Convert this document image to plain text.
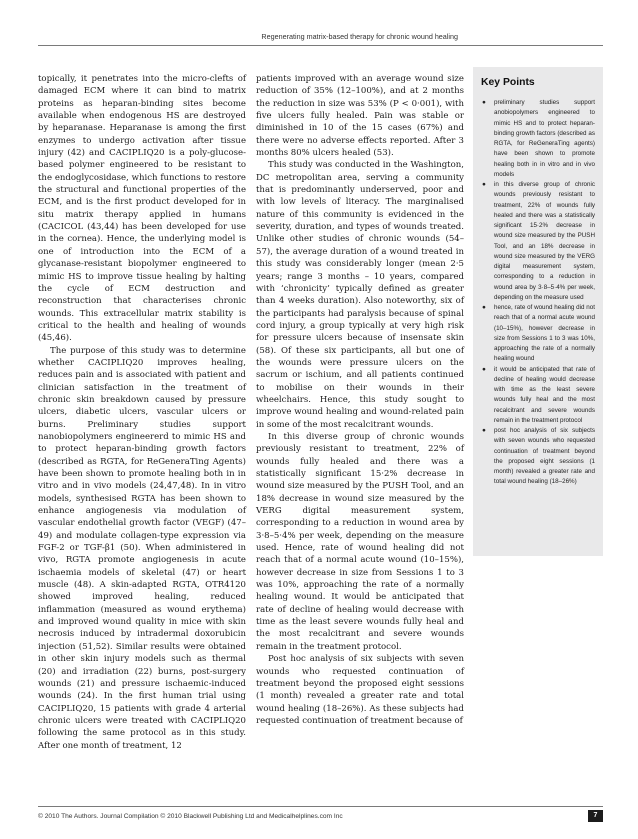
Regenerating matrix-based therapy for chronic wound healing

topically, it penetrates into the micro-clefts of damaged ECM where it can bind to matrix proteins as heparan-binding sites become available when endogenous HS are destroyed by heparanase. Heparanase is among the first enzymes to undergo activation after tissue injury (42) and CACIPLIQ20 is a poly-glucose-based polymer engineered to be resistant to the endoglycosidase, which functions to restore the structural and functional properties of the ECM, and is the first product developed for in situ matrix therapy applied in humans (CACICOL (43,44) has been developed for use in the cornea). Hence, the underlying model is one of introduction into the ECM of a glycanase-resistant biopolymer engineered to mimic HS to improve tissue healing by halting the cycle of ECM destruction and reconstruction that characterises chronic wounds. This extracellular matrix stability is critical to the health and healing of wounds (45,46).

The purpose of this study was to determine whether CACIPLIQ20 improves healing, reduces pain and is associated with patient and clinician satisfaction in the treatment of chronic skin breakdown caused by pressure ulcers, diabetic ulcers, vascular ulcers or burns. Preliminary studies support nanobiopolymers engineererd to mimic HS and to protect heparan-binding growth factors (described as RGTA, for ReGeneraTing Agents) have been shown to promote healing both in in vitro and in vivo models (24,47,48). In in vitro models, synthesised RGTA has been shown to enhance angiogenesis via modulation of vascular endothelial growth factor (VEGF) (47–49) and modulate collagen-type expression via FGF-2 or TGF-β1 (50). When administered in vivo, RGTA promote angiogenesis in acute ischaemia models of skeletal (47) or heart muscle (48). A skin-adapted RGTA, OTR4120 showed improved healing, reduced inflammation (measured as wound erythema) and improved wound quality in mice with skin necrosis induced by intradermal doxorubicin injection (51,52). Similar results were obtained in other skin injury models such as thermal (20) and irradiation (22) burns, post-surgery wounds (21) and pressure ischaemic-induced wounds (24). In the first human trial using CACIPLIQ20, 15 patients with grade 4 arterial chronic ulcers were treated with CACIPLIQ20 following the same protocol as in this study. After one month of treatment, 12

patients improved with an average wound size reduction of 35% (12–100%), and at 2 months the reduction in size was 53% (P < 0·001), with five ulcers fully healed. Pain was stable or diminished in 10 of the 15 cases (67%) and there were no adverse effects reported. After 3 months 80% ulcers healed (53).

This study was conducted in the Washington, DC metropolitan area, serving a community that is predominantly underserved, poor and with low levels of literacy. The marginalised nature of this community is evidenced in the severity, duration, and types of wounds treated. Unlike other studies of chronic wounds (54–57), the average duration of a wound treated in this study was considerably longer (mean 2·5 years; range 3 months – 10 years, compared with ‘chronicity’ typically defined as greater than 4 weeks duration). Also noteworthy, six of the participants had paralysis because of spinal cord injury, a group typically at very high risk for pressure ulcers because of insensate skin (58). Of these six participants, all but one of the wounds were pressure ulcers on the sacrum or ischium, and all patients continued to mobilise on their wounds in their wheelchairs. Hence, this study sought to improve wound healing and wound-related pain in some of the most recalcitrant wounds.

In this diverse group of chronic wounds previously resistant to treatment, 22% of wounds fully healed and there was a statistically significant 15·2% decrease in wound size measured by the PUSH Tool, and an 18% decrease in wound size measured by the VERG digital measurement system, corresponding to a reduction in wound area by 3·8–5·4% per week, depending on the measure used. Hence, rate of wound healing did not reach that of a normal acute wound (10–15%), however decrease in size from Sessions 1 to 3 was 10%, approaching the rate of a normally healing wound. It would be anticipated that rate of decline of healing would decrease with time as the least severe wounds fully heal and the most recalcitrant and severe wounds remain in the treatment protocol.

Post hoc analysis of six subjects with seven wounds who requested continuation of treatment beyond the proposed eight sessions (1 month) revealed a greater rate and total wound healing (18–26%). As these subjects had requested continuation of treatment because of

Key Points
● preliminary studies support anobiopolymers engineered to mimic HS and to protect heparan-binding growth factors (described as RGTA, for ReGeneraTing agents) have been shown to promote healing both in in vitro and in vivo models
● in this diverse group of chronic wounds previously resistant to treatment, 22% of wounds fully healed and there was a statistically significant 15·2% decrease in wound size measured by the PUSH Tool, and an 18% decrease in wound size measured by the VERG digital measurement system, corresponding to a reduction in wound area by 3·8–5·4% per week, depending on the measure used
● hence, rate of wound healing did not reach that of a normal acute wound (10–15%), however decrease in size from Sessions 1 to 3 was 10%, approaching the rate of a normally healing wound
● it would be anticipated that rate of decline of healing would decrease with time as the least severe wounds fully heal and the most recalcitrant and severe wounds remain in the treatment protocol
● post hoc analysis of six subjects with seven wounds who requested continuation of treatment beyond the proposed eight sessions (1 month) revealed a greater rate and total wound healing (18–26%)
© 2010 The Authors. Journal Compilation © 2010 Blackwell Publishing Ltd and Medicalhelplines.com Inc	7
